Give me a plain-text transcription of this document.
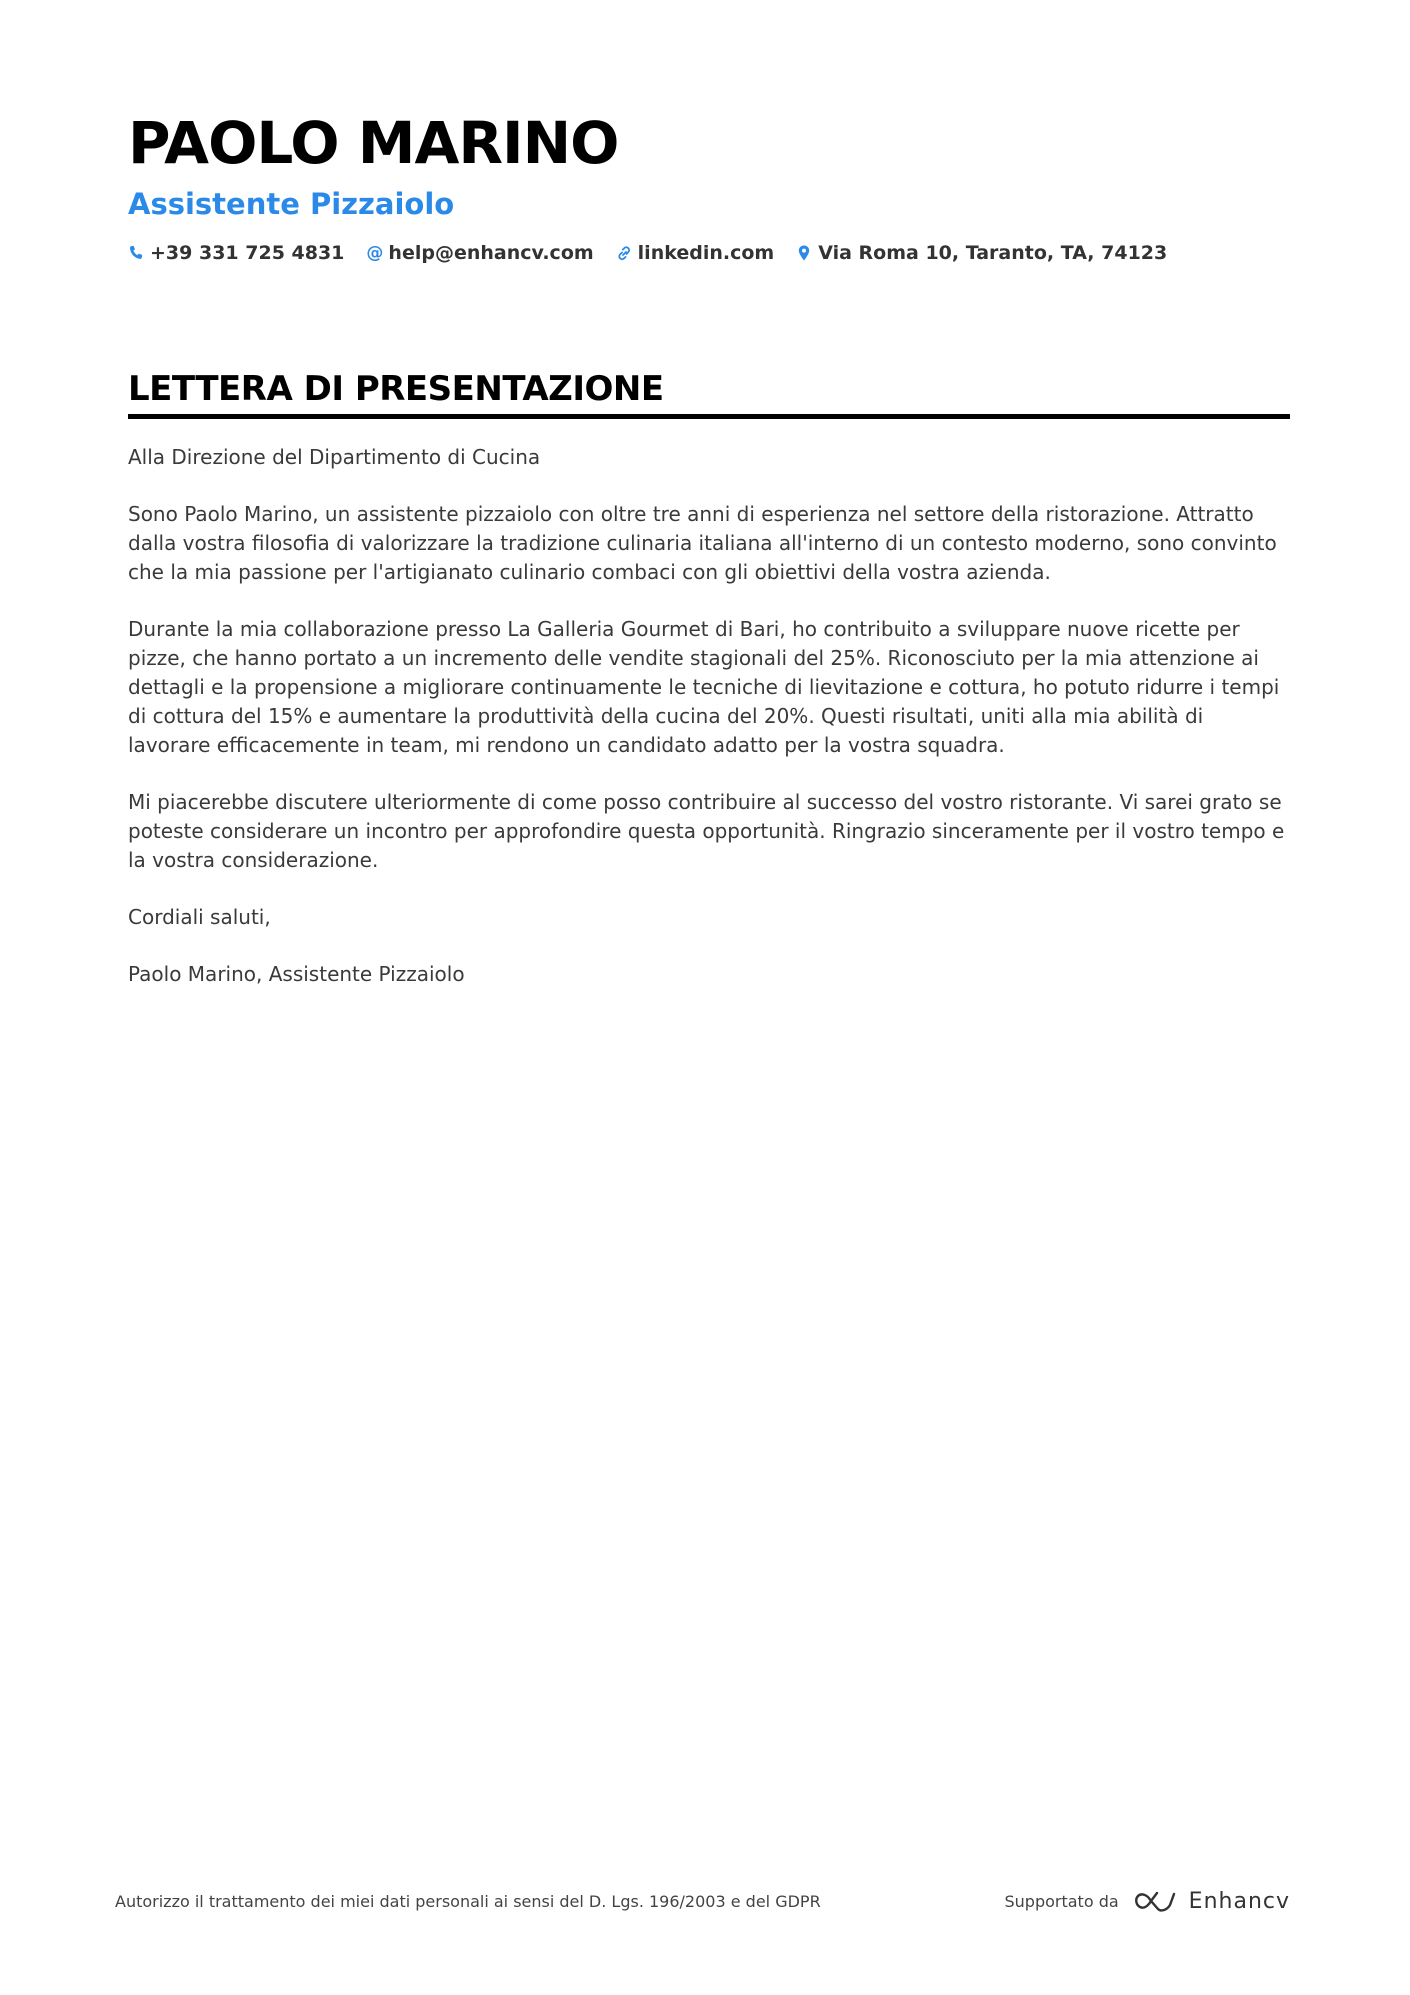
PAOLO MARINO
Assistente Pizzaiolo
+39 331 725 4831 @ help@enhancv.com linkedin.com Via Roma 10, Taranto, TA, 74123
LETTERA DI PRESENTAZIONE

Alla Direzione del Dipartimento di Cucina

Sono Paolo Marino, un assistente pizzaiolo con oltre tre anni di esperienza nel settore della ristorazione. Attratto dalla vostra filosofia di valorizzare la tradizione culinaria italiana all'interno di un contesto moderno, sono convinto che la mia passione per l'artigianato culinario combaci con gli obiettivi della vostra azienda.

Durante la mia collaborazione presso La Galleria Gourmet di Bari, ho contribuito a sviluppare nuove ricette per pizze, che hanno portato a un incremento delle vendite stagionali del 25%. Riconosciuto per la mia attenzione ai dettagli e la propensione a migliorare continuamente le tecniche di lievitazione e cottura, ho potuto ridurre i tempi di cottura del 15% e aumentare la produttività della cucina del 20%. Questi risultati, uniti alla mia abilità di lavorare efficacemente in team, mi rendono un candidato adatto per la vostra squadra.

Mi piacerebbe discutere ulteriormente di come posso contribuire al successo del vostro ristorante. Vi sarei grato se poteste considerare un incontro per approfondire questa opportunità. Ringrazio sinceramente per il vostro tempo e la vostra considerazione.

Cordiali saluti,

Paolo Marino, Assistente Pizzaiolo

Autorizzo il trattamento dei miei dati personali ai sensi del D. Lgs. 196/2003 e del GDPR	Supportato da	Enhancv
